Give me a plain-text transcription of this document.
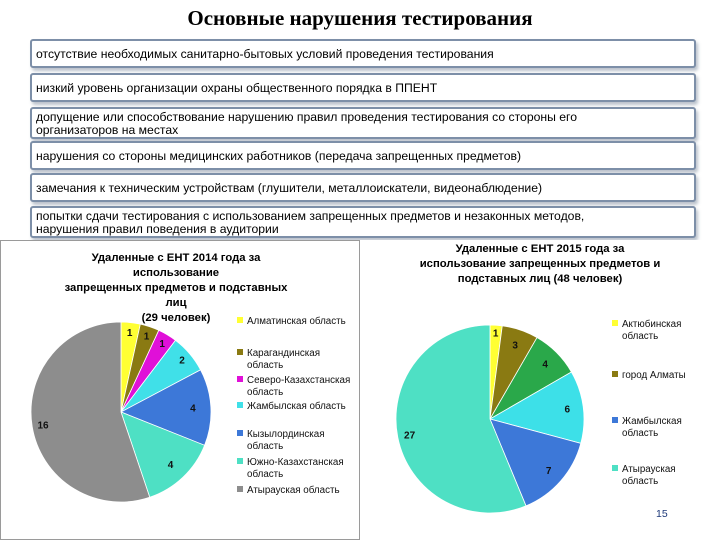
Основные нарушения тестирования
отсутствие необходимых санитарно-бытовых условий проведения тестирования
низкий уровень организации охраны общественного порядка в ППЕНТ
допущение или способствование нарушению правил проведения тестирования со стороны его
организаторов на местах
нарушения со стороны медицинских работников (передача запрещенных предметов)
замечания к техническим устройствам (глушители, металлоискатели, видеонаблюдение)
попытки сдачи тестирования с использованием запрещенных предметов и незаконных методов,
нарушения правил поведения в аудитории
Удаленные с ЕНТ 2014 года за использование
запрещенных предметов и подставных лиц
(29 человек)
1 1
1
2
4
4
16
Алматинская область
Карагандинская
область
Северо-Казахстанская
область
Жамбылская область
Кызылординская
область
Южно-Казахстанская
область
Атырауская область
Удаленные с ЕНТ 2015 года за
использование запрещенных предметов и
подставных лиц (48 человек)
1
3
4
6
7
27
Актюбинская
область
город Алматы
Жамбылская
область
Атырауская
область
15
